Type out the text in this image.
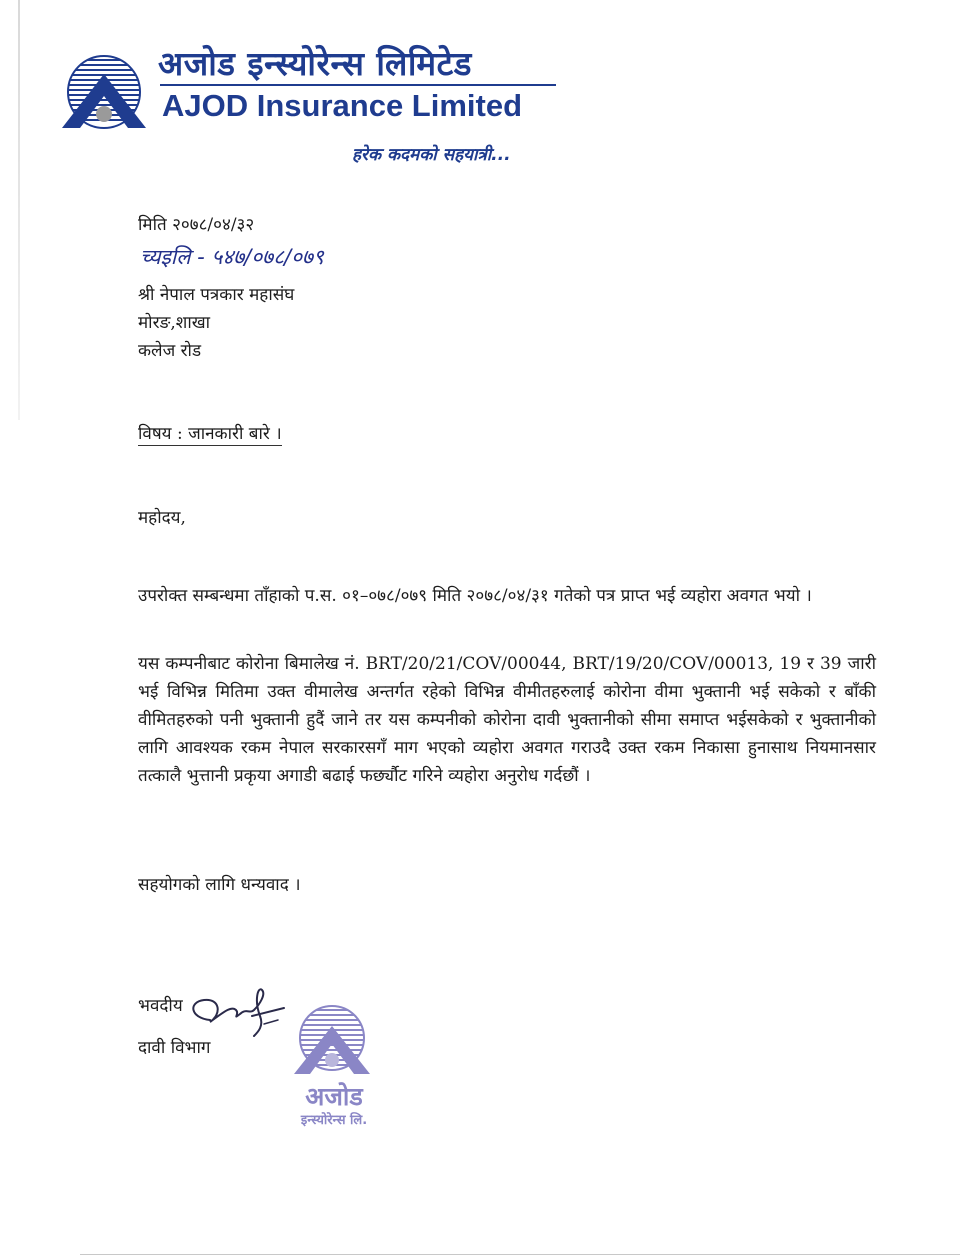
अजोड इन्स्योरेन्स लिमिटेड
AJOD Insurance Limited
हरेक कदमको सहयात्री...
मिति २०७८/०४/३२
च्यइलि - ५४७/०७८/०७९
श्री नेपाल पत्रकार महासंघ
मोरङ,शाखा
कलेज रोड
विषय : जानकारी बारे ।
महोदय,
उपरोक्त सम्बन्धमा ताँहाको प.स. ०१–०७८/०७९ मिति २०७८/०४/३१ गतेको पत्र प्राप्त भई व्यहोरा अवगत भयो ।
यस कम्पनीबाट कोरोना बिमालेख नं. BRT/20/21/COV/00044, BRT/19/20/COV/00013, 19 र 39 जारी भई विभिन्न मितिमा उक्त वीमालेख अन्तर्गत रहेको विभिन्न वीमीतहरुलाई कोरोना वीमा भुक्तानी भई सकेको र बाँकी वीमितहरुको पनी भुक्तानी हुदैं जाने तर यस कम्पनीको कोरोना दावी भुक्तानीको सीमा समाप्त भईसकेको र भुक्तानीको लागि आवश्यक रकम नेपाल सरकारसगँ माग भएको व्यहोरा अवगत गराउदै उक्त रकम निकासा हुनासाथ नियमानसार तत्कालै भुत्तानी प्रकृया अगाडी बढाई फर्छ्यौट गरिने व्यहोरा अनुरोध गर्दछौं ।
सहयोगको लागि धन्यवाद ।
भवदीय
दावी विभाग
अजोड
इन्स्योरेन्स लि.
